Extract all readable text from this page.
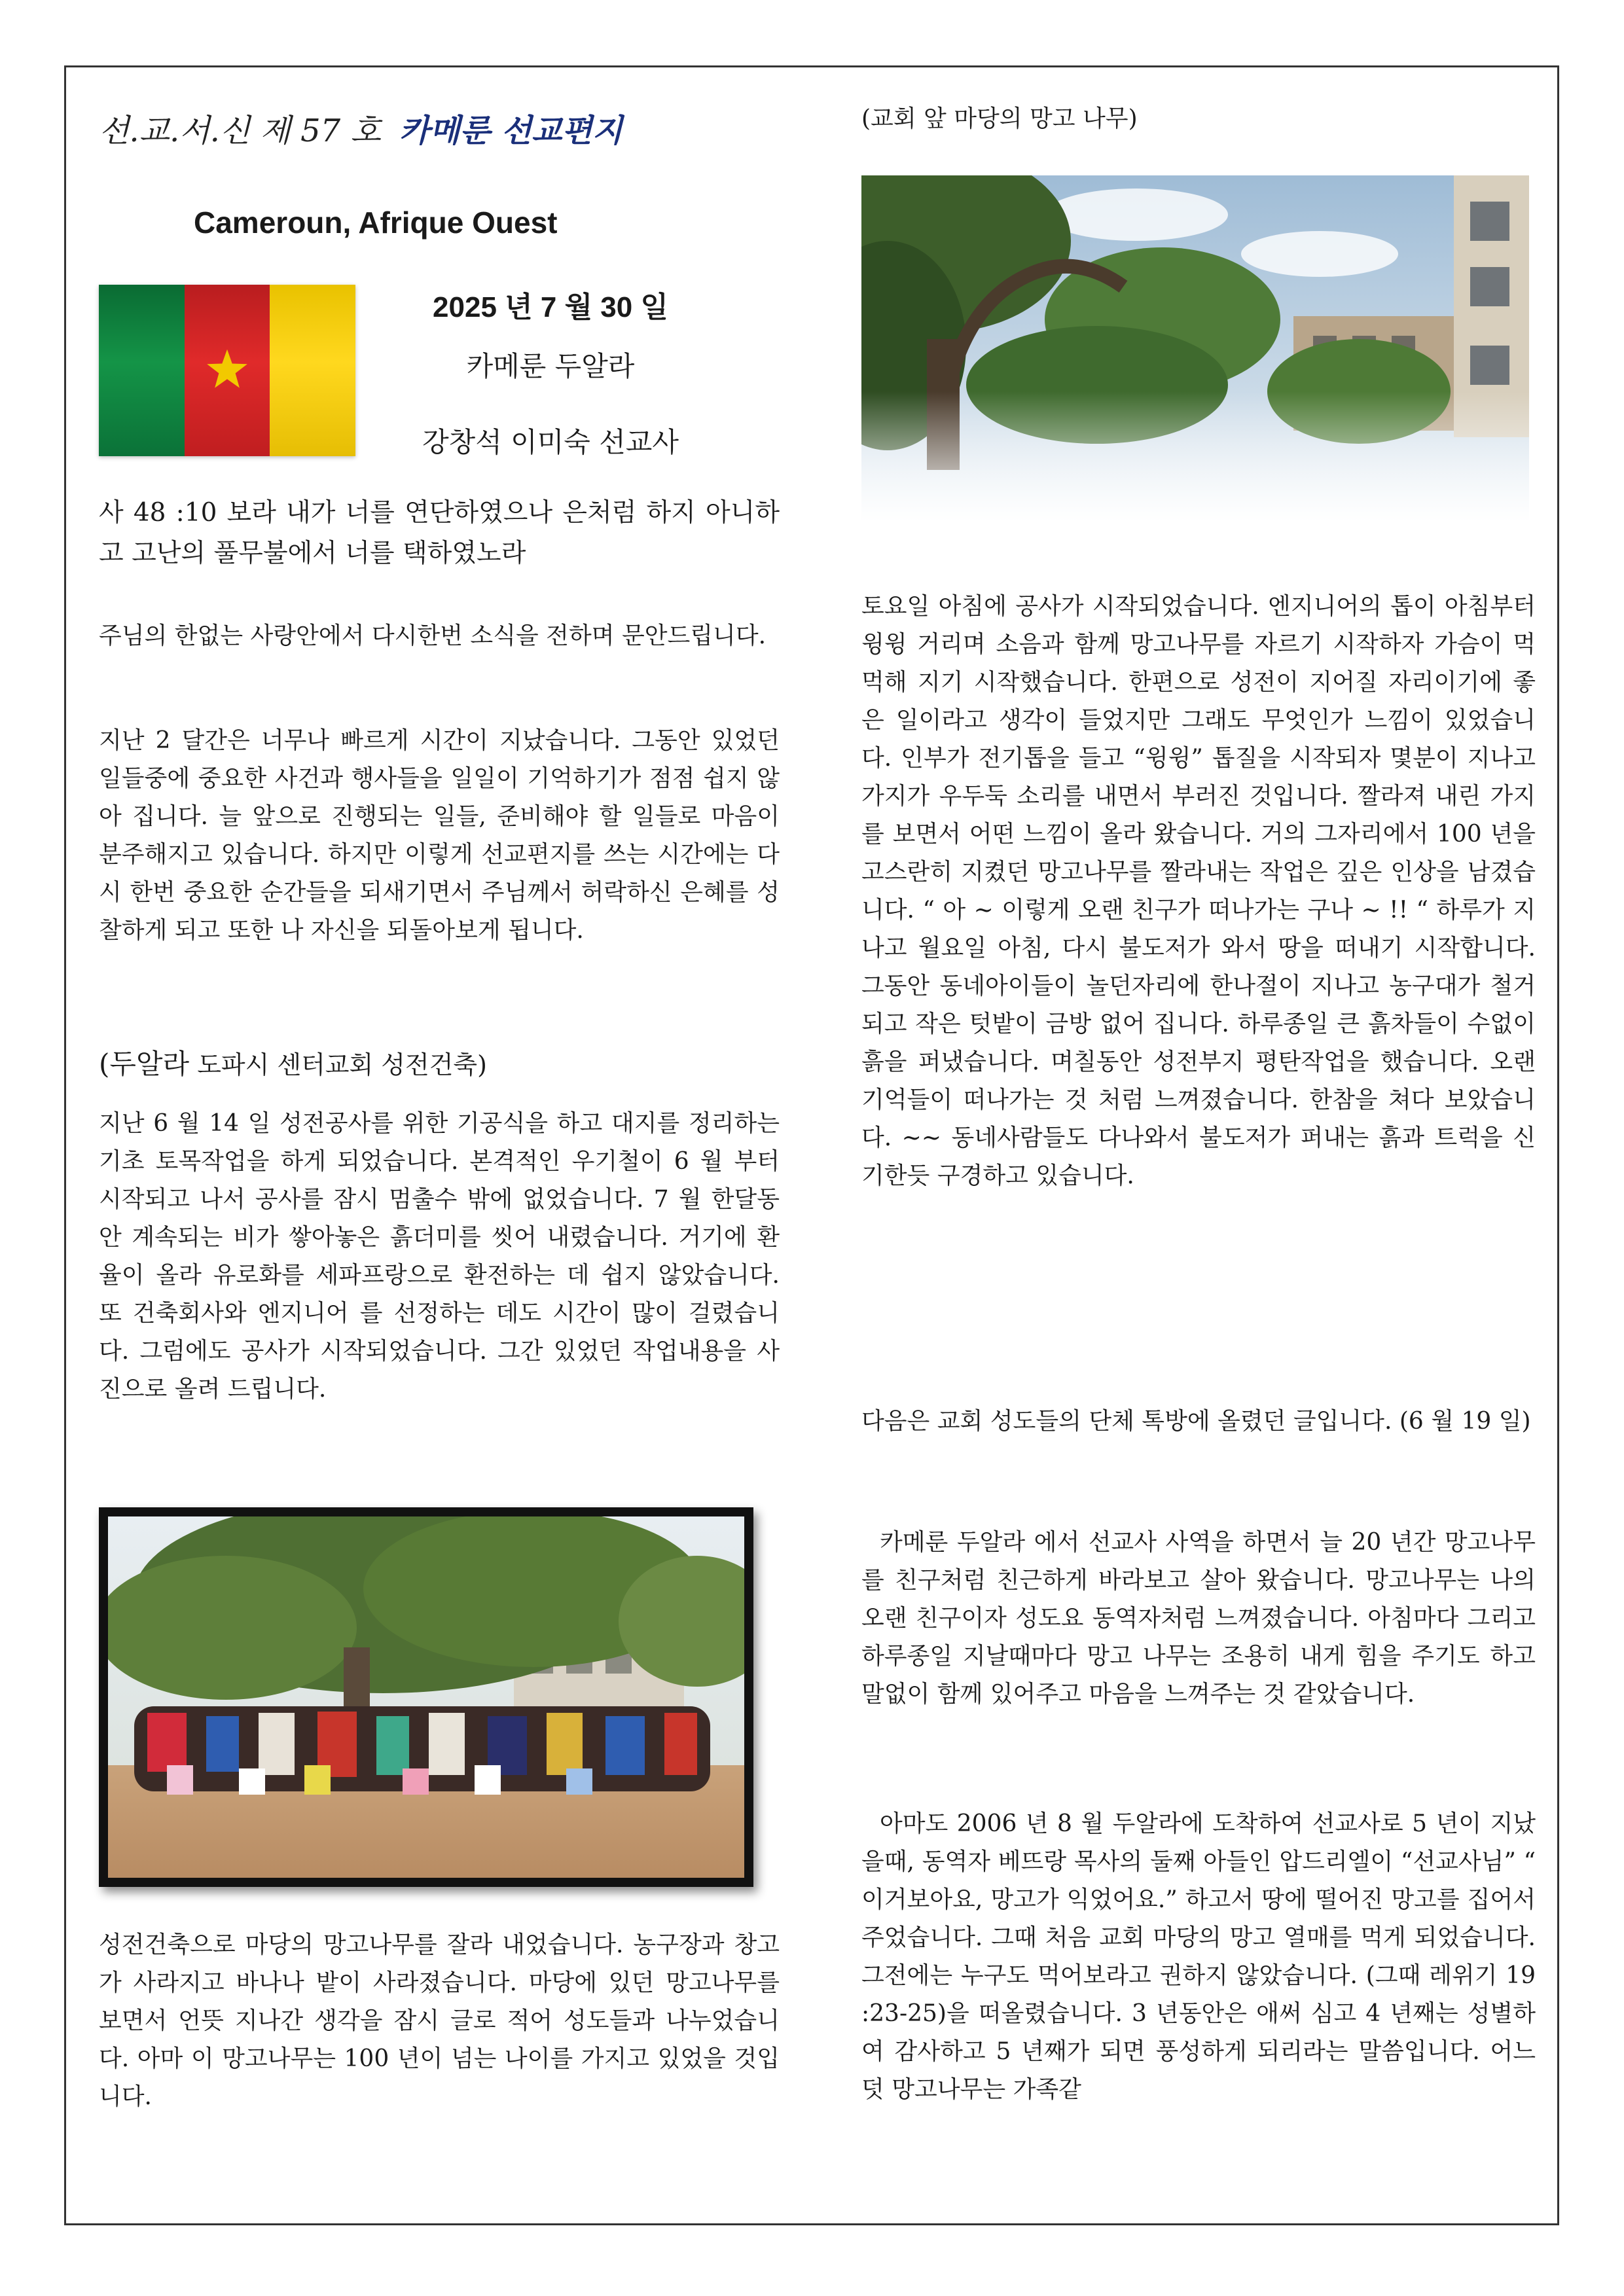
선.교.서.신 제 57 호 카메룬 선교편지
Cameroun, Afrique Ouest
2025 년 7 월 30 일
카메룬 두알라
강창석 이미숙 선교사

사 48 :10 보라 내가 너를 연단하였으나 은처럼 하지 아니하고 고난의 풀무불에서 너를 택하였노라

주님의 한없는 사랑안에서 다시한번 소식을 전하며 문안드립니다.

지난 2 달간은 너무나 빠르게 시간이 지났습니다. 그동안 있었던 일들중에 중요한 사건과 행사들을 일일이 기억하기가 점점 쉽지 않아 집니다. 늘 앞으로 진행되는 일들, 준비해야 할 일들로 마음이 분주해지고 있습니다. 하지만 이렇게 선교편지를 쓰는 시간에는 다시 한번 중요한 순간들을 되새기면서 주님께서 허락하신 은혜를 성찰하게 되고 또한 나 자신을 되돌아보게 됩니다.

(두알라 도파시 센터교회 성전건축)

지난 6 월 14 일 성전공사를 위한 기공식을 하고 대지를 정리하는 기초 토목작업을 하게 되었습니다. 본격적인 우기철이 6 월 부터 시작되고 나서 공사를 잠시 멈출수 밖에 없었습니다. 7 월 한달동안 계속되는 비가 쌓아놓은 흙더미를 씻어 내렸습니다. 거기에 환율이 올라 유로화를 세파프랑으로 환전하는 데 쉽지 않았습니다. 또 건축회사와 엔지니어 를 선정하는 데도 시간이 많이 걸렸습니다. 그럼에도 공사가 시작되었습니다. 그간 있었던 작업내용을 사진으로 올려 드립니다.

성전건축으로 마당의 망고나무를 잘라 내었습니다. 농구장과 창고가 사라지고 바나나 밭이 사라졌습니다. 마당에 있던 망고나무를 보면서 언뜻 지나간 생각을 잠시 글로 적어 성도들과 나누었습니다. 아마 이 망고나무는 100 년이 넘는 나이를 가지고 있었을 것입니다.

(교회 앞 마당의 망고 나무)

토요일 아침에 공사가 시작되었습니다. 엔지니어의 톱이 아침부터 윙윙 거리며 소음과 함께 망고나무를 자르기 시작하자 가슴이 먹먹해 지기 시작했습니다. 한편으로 성전이 지어질 자리이기에 좋은 일이라고 생각이 들었지만 그래도 무엇인가 느낌이 있었습니다. 인부가 전기톱을 들고 “윙윙” 톱질을 시작되자 몇분이 지나고 가지가 우두둑 소리를 내면서 부러진 것입니다. 짤라져 내린 가지를 보면서 어떤 느낌이 올라 왔습니다. 거의 그자리에서 100 년을 고스란히 지켰던 망고나무를 짤라내는 작업은 깊은 인상을 남겼습니다. “ 아 ~ 이렇게 오랜 친구가 떠나가는 구나 ~ !! “ 하루가 지나고 월요일 아침, 다시 불도저가 와서 땅을 떠내기 시작합니다. 그동안 동네아이들이 놀던자리에 한나절이 지나고 농구대가 철거되고 작은 텃밭이 금방 없어 집니다. 하루종일 큰 흙차들이 수없이 흙을 퍼냈습니다. 며칠동안 성전부지 평탄작업을 했습니다. 오랜 기억들이 떠나가는 것 처럼 느껴졌습니다. 한참을 쳐다 보았습니다. ~~ 동네사람들도 다나와서 불도저가 퍼내는 흙과 트럭을 신기한듯 구경하고 있습니다.

다음은 교회 성도들의 단체 톡방에 올렸던 글입니다. (6 월 19 일)

카메룬 두알라 에서 선교사 사역을 하면서 늘 20 년간 망고나무를 친구처럼 친근하게 바라보고 살아 왔습니다. 망고나무는 나의 오랜 친구이자 성도요 동역자처럼 느껴졌습니다. 아침마다 그리고 하루종일 지날때마다 망고 나무는 조용히 내게 힘을 주기도 하고 말없이 함께 있어주고 마음을 느껴주는 것 같았습니다.

아마도 2006 년 8 월 두알라에 도착하여 선교사로 5 년이 지났을때, 동역자 베뜨랑 목사의 둘째 아들인 압드리엘이 “선교사님” “ 이거보아요, 망고가 익었어요.” 하고서 땅에 떨어진 망고를 집어서 주었습니다. 그때 처음 교회 마당의 망고 열매를 먹게 되었습니다. 그전에는 누구도 먹어보라고 권하지 않았습니다. (그때 레위기 19 :23-25)을 떠올렸습니다. 3 년동안은 애써 심고 4 년째는 성별하여 감사하고 5 년째가 되면 풍성하게 되리라는 말씀입니다. 어느덧 망고나무는 가족같
